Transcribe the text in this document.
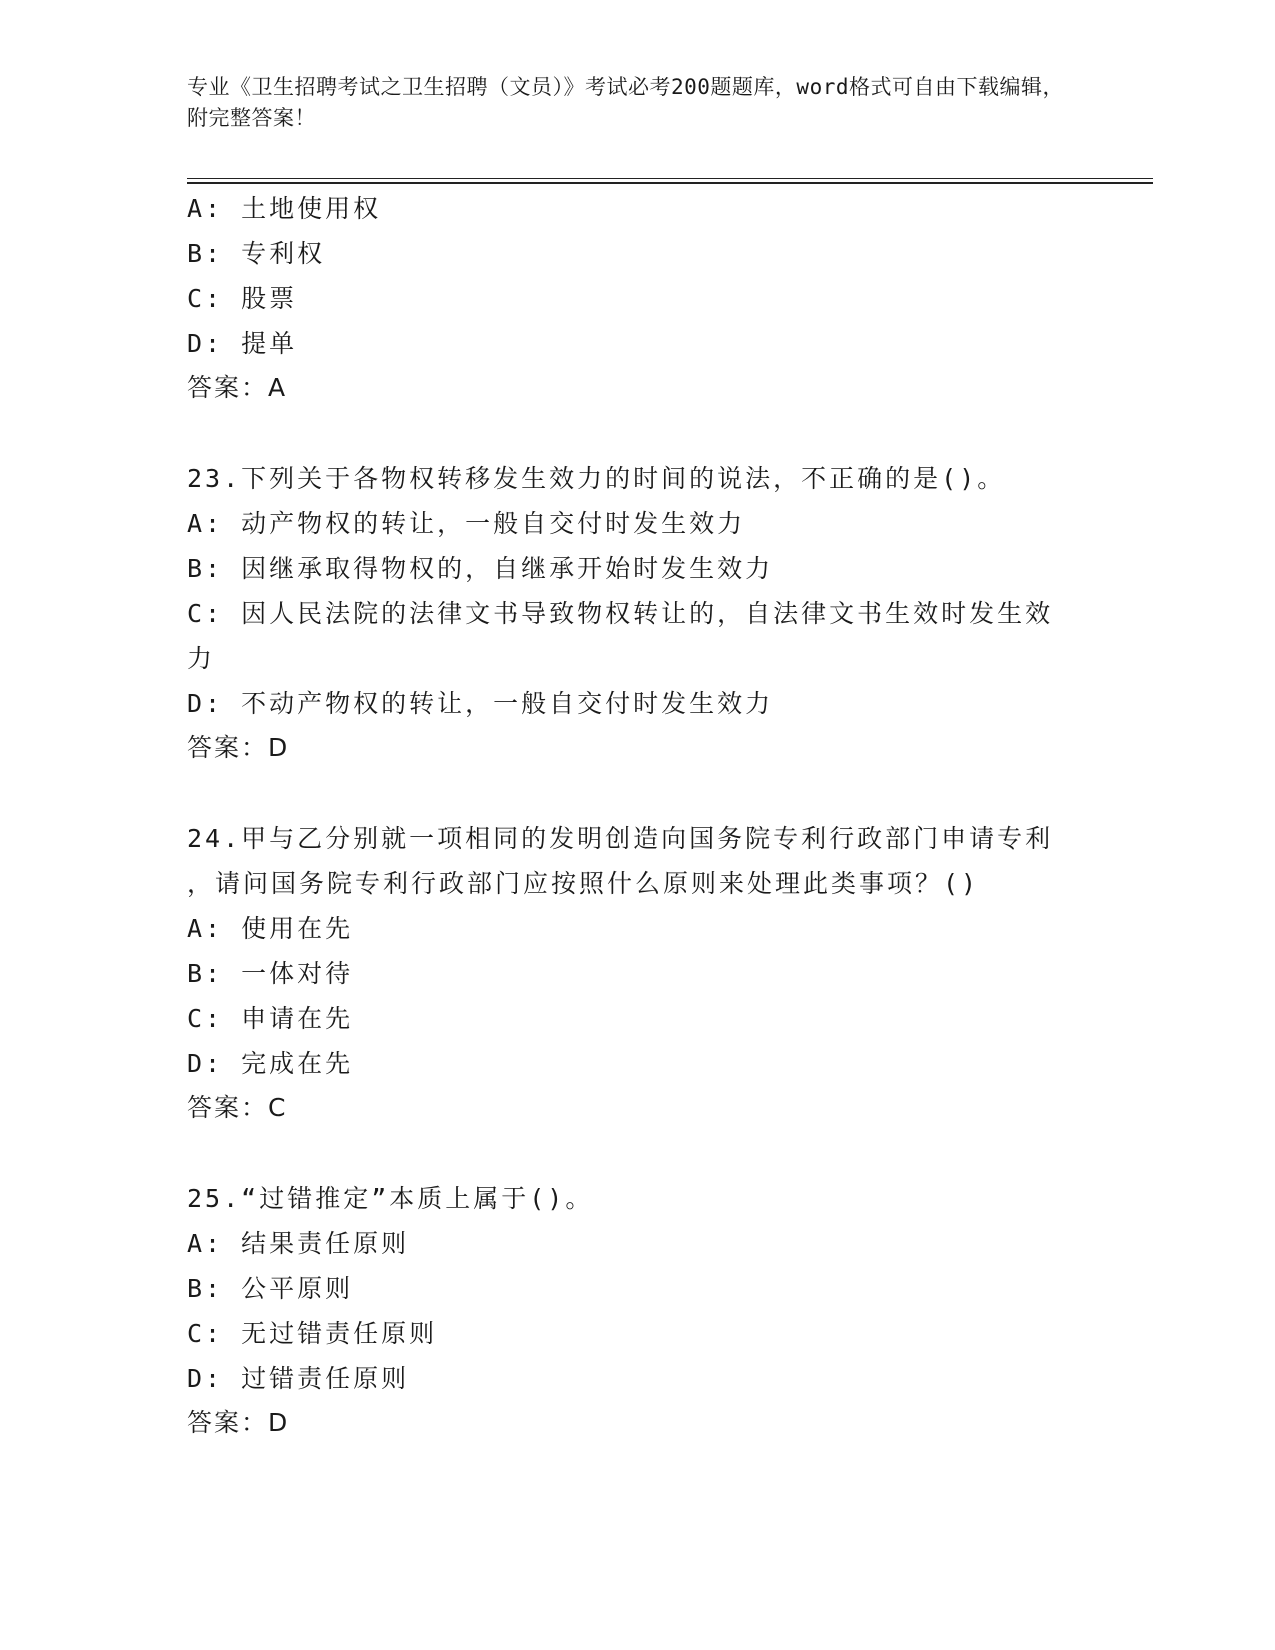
专业《卫生招聘考试之卫生招聘（文员）》考试必考200题题库，word格式可自由下载编辑，附完整答案！
A: 土地使用权
B: 专利权
C: 股票
D: 提单
答案：A
23.下列关于各物权转移发生效力的时间的说法，不正确的是()。
A: 动产物权的转让，一般自交付时发生效力
B: 因继承取得物权的，自继承开始时发生效力
C: 因人民法院的法律文书导致物权转让的，自法律文书生效时发生效
力
D: 不动产物权的转让，一般自交付时发生效力
答案：D
24.甲与乙分别就一项相同的发明创造向国务院专利行政部门申请专利
，请问国务院专利行政部门应按照什么原则来处理此类事项？()
A: 使用在先
B: 一体对待
C: 申请在先
D: 完成在先
答案：C
25.“过错推定”本质上属于()。
A: 结果责任原则
B: 公平原则
C: 无过错责任原则
D: 过错责任原则
答案：D
